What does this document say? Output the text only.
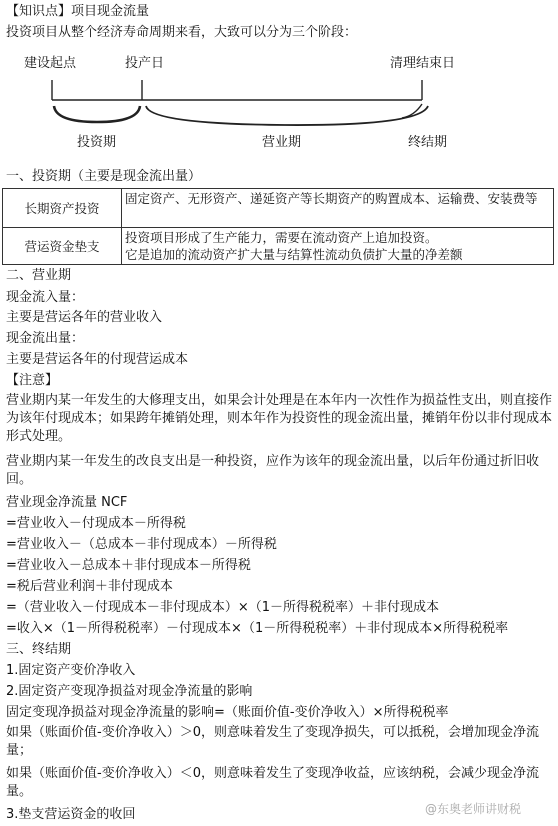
【知识点】项目现金流量
投资项目从整个经济寿命周期来看，大致可以分为三个阶段：
建设起点	投产日	清理结束日
投资期	营业期	终结期
一、投资期（主要是现金流出量）
长期资产投资	固定资产、无形资产、递延资产等长期资产的购置成本、运输费、安装费等
营运资金垫支	投资项目形成了生产能力，需要在流动资产上追加投资。
它是追加的流动资产扩大量与结算性流动负债扩大量的净差额
二、营业期
现金流入量：
主要是营运各年的营业收入
现金流出量：
主要是营运各年的付现营运成本
【注意】
营业期内某一年发生的大修理支出，如果会计处理是在本年内一次性作为损益性支出，则直接作为该年付现成本；如果跨年摊销处理，则本年作为投资性的现金流出量，摊销年份以非付现成本形式处理。
营业期内某一年发生的改良支出是一种投资，应作为该年的现金流出量，以后年份通过折旧收回。
营业现金净流量 NCF
=营业收入－付现成本－所得税
=营业收入－（总成本－非付现成本）－所得税
=营业收入－总成本＋非付现成本－所得税
=税后营业利润＋非付现成本
=（营业收入－付现成本－非付现成本）×（1－所得税税率）＋非付现成本
=收入×（1－所得税税率）－付现成本×（1－所得税税率）＋非付现成本×所得税税率
三、终结期
1.固定资产变价净收入
2.固定资产变现净损益对现金净流量的影响
固定变现净损益对现金净流量的影响=（账面价值-变价净收入）×所得税税率
如果（账面价值-变价净收入）＞0，则意味着发生了变现净损失，可以抵税，会增加现金净流量；
如果（账面价值-变价净收入）＜0，则意味着发生了变现净收益，应该纳税，会减少现金净流量。
3.垫支营运资金的收回	@东奥老师讲财税
